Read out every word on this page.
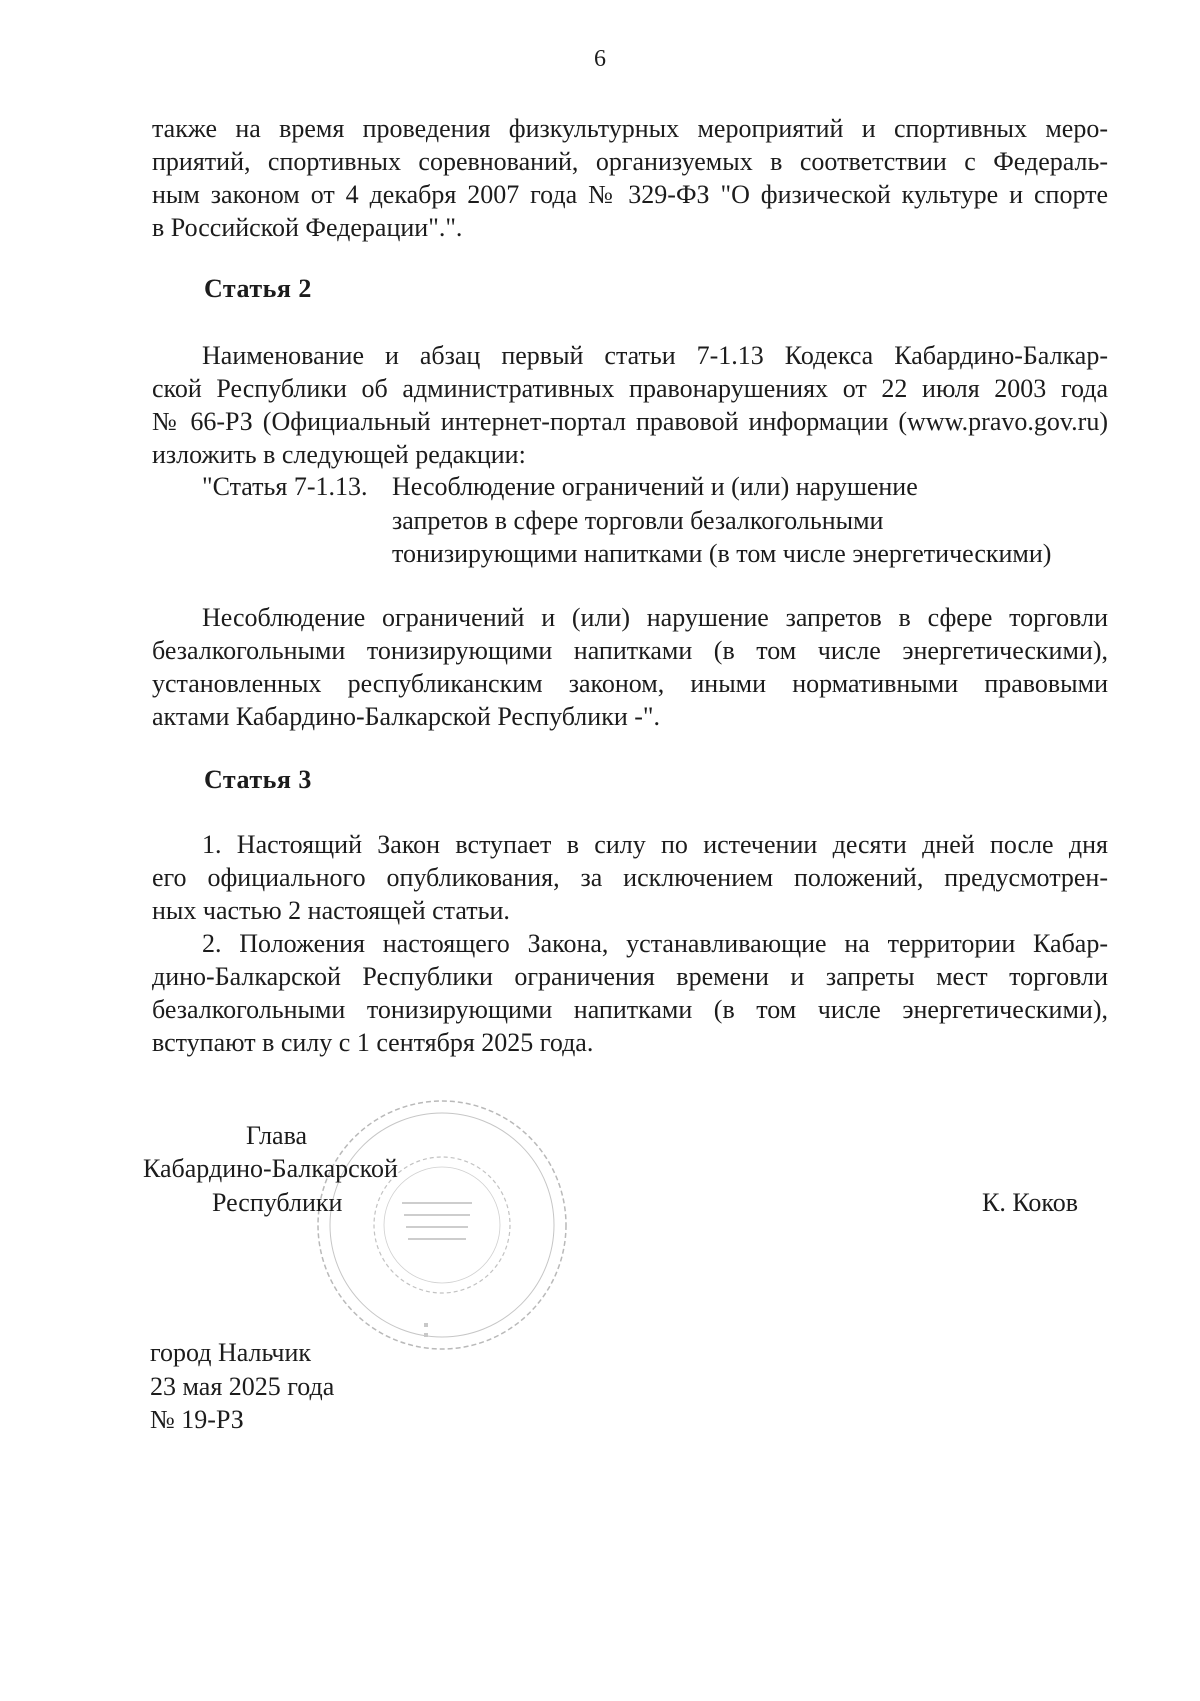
6

также на время проведения физкультурных мероприятий и спортивных меро-

приятий, спортивных соревнований, организуемых в соответствии с Федераль-

ным законом от 4 декабря 2007 года № 329-ФЗ "О физической культуре и спорте

в Российской Федерации".".

Статья 2

Наименование и абзац первый статьи 7-1.13 Кодекса Кабардино-Балкар-

ской Республики об административных правонарушениях от 22 июля 2003 года

№ 66-РЗ (Официальный интернет-портал правовой информации (www.pravo.gov.ru)

изложить в следующей редакции:

"Статья 7-1.13. Несоблюдение ограничений и (или) нарушение
запретов в сфере торговли безалкогольными
тонизирующими напитками (в том числе энергетическими)

Несоблюдение ограничений и (или) нарушение запретов в сфере торговли

безалкогольными тонизирующими напитками (в том числе энергетическими),

установленных республиканским законом, иными нормативными правовыми

актами Кабардино-Балкарской Республики -".

Статья 3

1. Настоящий Закон вступает в силу по истечении десяти дней после дня

его официального опубликования, за исключением положений, предусмотрен-

ных частью 2 настоящей статьи.

2. Положения настоящего Закона, устанавливающие на территории Кабар-

дино-Балкарской Республики ограничения времени и запреты мест торговли

безалкогольными тонизирующими напитками (в том числе энергетическими),

вступают в силу с 1 сентября 2025 года.

Глава
Кабардино-Балкарской
Республики	К. Коков
город Нальчик
23 мая 2025 года
№ 19-РЗ
